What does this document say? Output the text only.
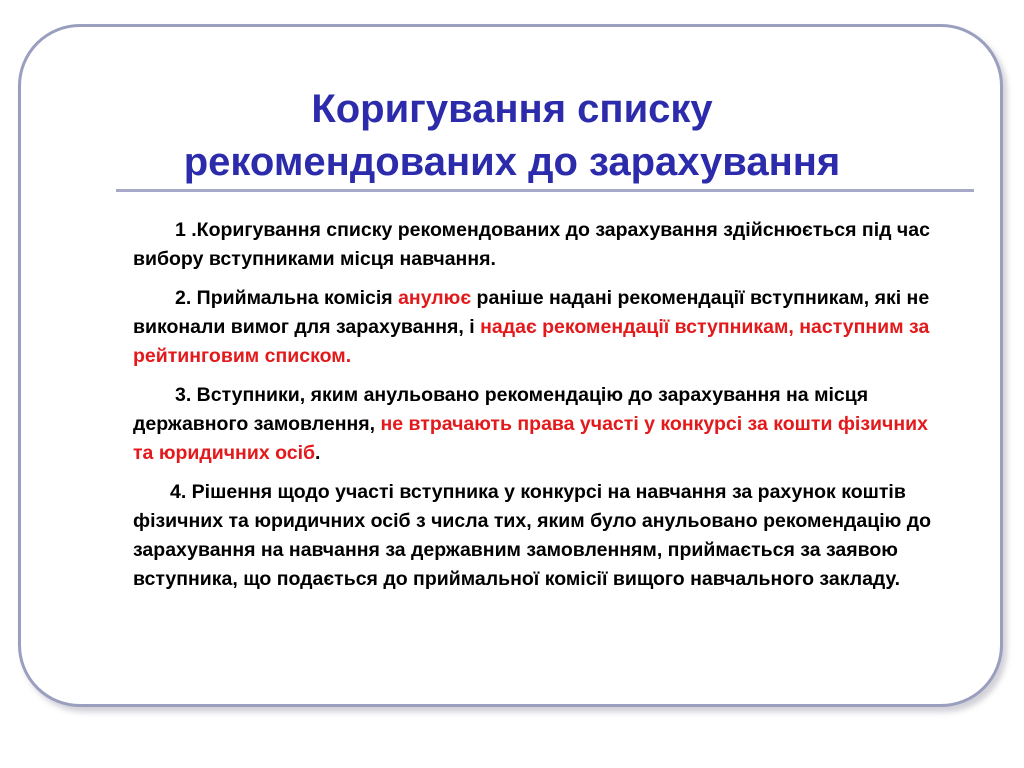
Коригування списку
рекомендованих до зарахування

1 .Коригування списку рекомендованих до зарахування здійснюється під час вибору вступниками місця навчання.

2. Приймальна комісія анулює раніше надані рекомендації вступникам, які не виконали вимог для зарахування, і надає рекомендації вступникам, наступним за рейтинговим списком.

3. Вступники, яким анульовано рекомендацію до зарахування на місця державного замовлення, не втрачають права участі у конкурсі за кошти фізичних та юридичних осіб.

4. Рішення щодо участі вступника у конкурсі на навчання за рахунок коштів фізичних та юридичних осіб з числа тих, яким було анульовано рекомендацію до зарахування на навчання за державним замовленням, приймається за заявою вступника, що подається до приймальної комісії вищого навчального закладу.
